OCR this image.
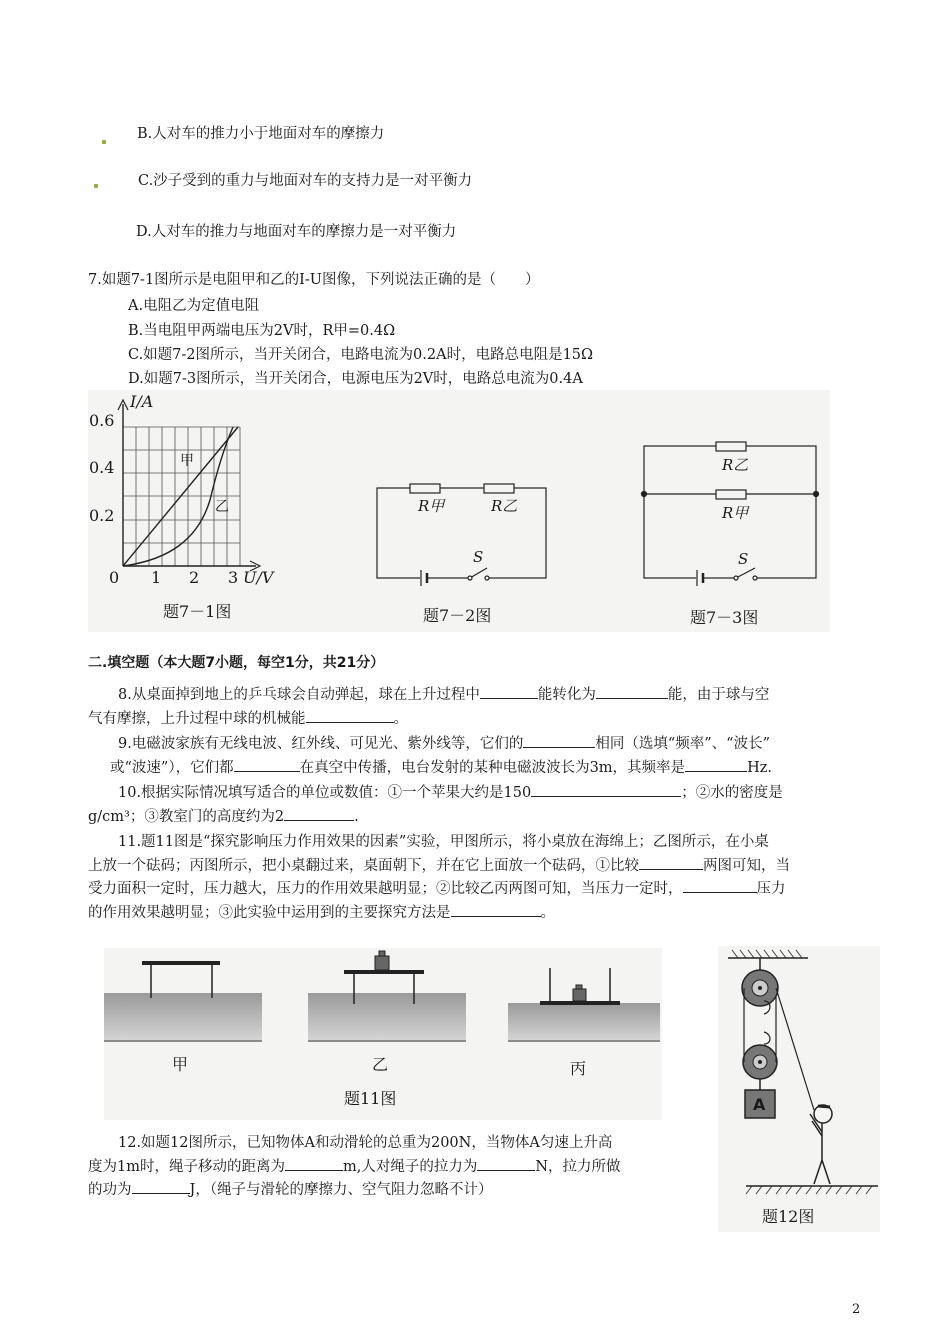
B.人对车的推力小于地面对车的摩擦力
C.沙子受到的重力与地面对车的支持力是一对平衡力
D.人对车的推力与地面对车的摩擦力是一对平衡力
7.如题7-1图所示是电阻甲和乙的I-U图像，下列说法正确的是（　　）
A.电阻乙为定值电阻
B.当电阻甲两端电压为2V时，R甲=0.4Ω
C.如题7-2图所示，当开关闭合，电路电流为0.2A时，电路总电阻是15Ω
D.如题7-3图所示，当开关闭合，电源电压为2V时，电路总电流为0.4A
I/A
0.6
0.4
0.2
0 1 2 3 U/V
甲
乙
题7－1图
R甲	R乙
S
题7－2图
R乙
R甲
S
题7－3图
二.填空题（本大题7小题，每空1分，共21分）
8.从桌面掉到地上的乒乓球会自动弹起，球在上升过程中	能转化为	能，由于球与空
气有摩擦，上升过程中球的机械能	。
9.电磁波家族有无线电波、红外线、可见光、紫外线等，它们的	相同（选填“频率”、“波长”
或“波速”），它们都	在真空中传播，电台发射的某种电磁波波长为3m，其频率是	Hz.
10.根据实际情况填写适合的单位或数值：①一个苹果大约是150	；②水的密度是
g/cm³；③教室门的高度约为2	.
11.题11图是“探究影响压力作用效果的因素”实验，甲图所示，将小桌放在海绵上；乙图所示，在小桌
上放一个砝码；丙图所示，把小桌翻过来，桌面朝下，并在它上面放一个砝码，①比较	两图可知，当
受力面积一定时，压力越大，压力的作用效果越明显；②比较乙丙两图可知，当压力一定时，	压力
的作用效果越明显；③此实验中运用到的主要探究方法是	。
甲	乙	丙
题11图	A
题12图
12.如题12图所示，已知物体A和动滑轮的总重为200N，当物体A匀速上升高
度为1m时，绳子移动的距离为	m,人对绳子的拉力为	N，拉力所做
的功为	J，（绳子与滑轮的摩擦力、空气阻力忽略不计）
2
